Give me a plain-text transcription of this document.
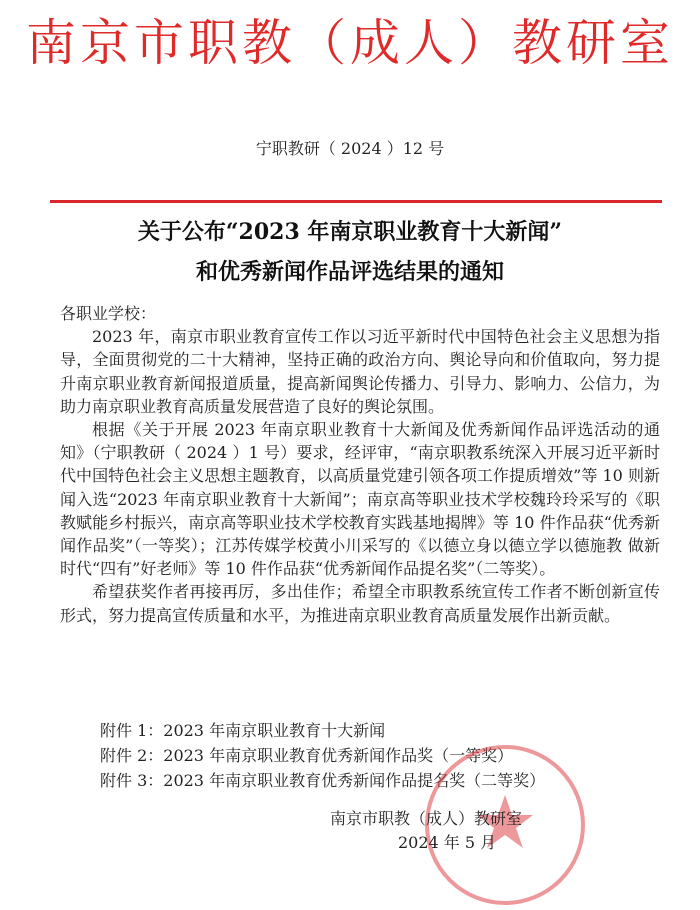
南京市职教（成人）教研室
宁职教研（ 2024 ）12 号
关于公布“2023 年南京职业教育十大新闻”
和优秀新闻作品评选结果的通知

各职业学校：

2023 年，南京市职业教育宣传工作以习近平新时代中国特色社会主义思想为指导，全面贯彻党的二十大精神，坚持正确的政治方向、舆论导向和价值取向，努力提升南京职业教育新闻报道质量，提高新闻舆论传播力、引导力、影响力、公信力，为助力南京职业教育高质量发展营造了良好的舆论氛围。

根据《关于开展 2023 年南京职业教育十大新闻及优秀新闻作品评选活动的通知》（宁职教研（ 2024 ）1 号）要求，经评审，“南京职教系统深入开展习近平新时代中国特色社会主义思想主题教育，以高质量党建引领各项工作提质增效”等 10 则新闻入选“2023 年南京职业教育十大新闻”；南京高等职业技术学校魏玲玲采写的《职教赋能乡村振兴，南京高等职业技术学校教育实践基地揭牌》等 10 件作品获“优秀新闻作品奖”（一等奖）；江苏传媒学校黄小川采写的《以德立身以德立学以德施教 做新时代“四有”好老师》等 10 件作品获“优秀新闻作品提名奖”（二等奖）。

希望获奖作者再接再厉，多出佳作；希望全市职教系统宣传工作者不断创新宣传形式，努力提高宣传质量和水平，为推进南京职业教育高质量发展作出新贡献。

附件 1：2023 年南京职业教育十大新闻
附件 2：2023 年南京职业教育优秀新闻作品奖（一等奖）
附件 3：2023 年南京职业教育优秀新闻作品提名奖（二等奖）
南京市职教（成人）教研室
2024 年 5 月
